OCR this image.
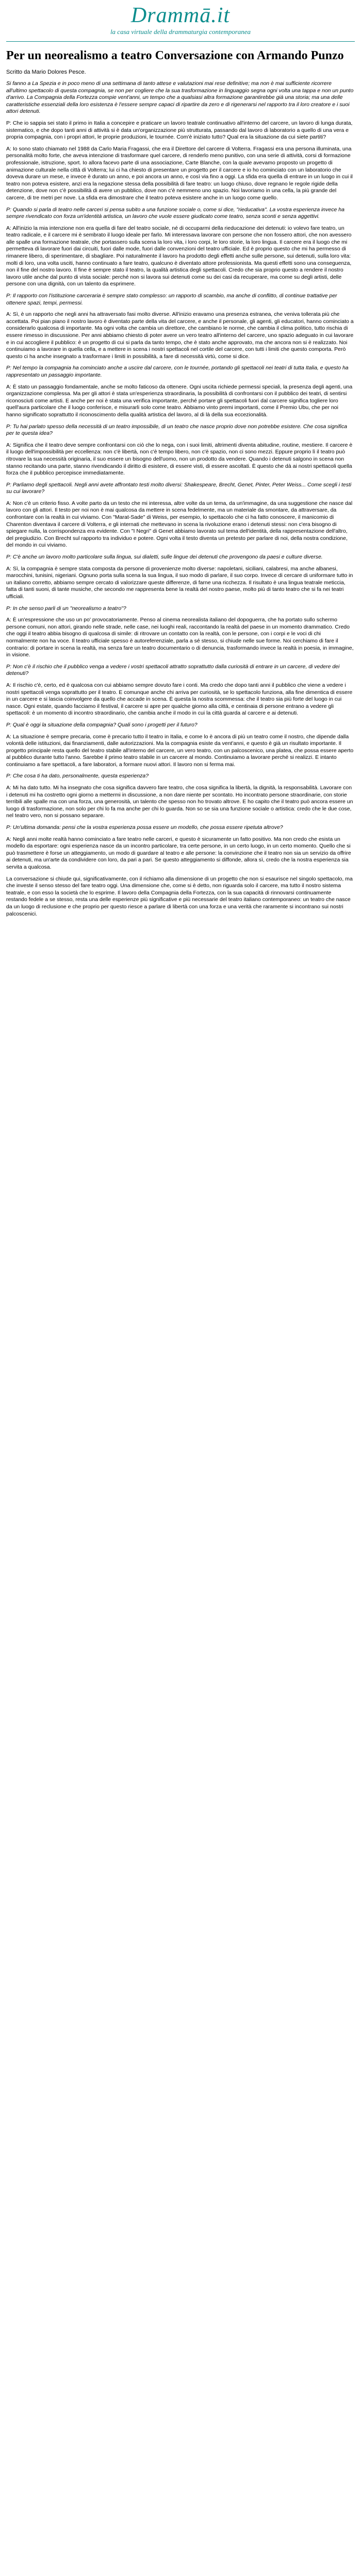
Drammā.it
la casa virtuale della drammaturgia contemporanea
Per un neorealismo a teatro Conversazione con Armando Punzo
Scritto da Mario Dolores Pesce.

Si fanno a La Spezia e in poco meno di una settimana di tanto attese e valutazioni mai rese definitive; ma non è mai sufficiente ricorrere all'ultimo spettacolo di questa compagnia, se non per cogliere che la sua trasformazione in linguaggio segna ogni volta una tappa e non un punto d'arrivo. La Compagnia della Fortezza compie vent'anni, un tempo che a qualsiasi altra formazione garantirebbe già una storia; ma una delle caratteristiche essenziali della loro esistenza è l'essere sempre capaci di ripartire da zero e di rigenerarsi nel rapporto tra il loro creatore e i suoi attori detenuti.

P: Che io sappia sei stato il primo in Italia a concepire e praticare un lavoro teatrale continuativo all'interno del carcere, un lavoro di lunga durata, sistematico, e che dopo tanti anni di attività si è data un'organizzazione più strutturata, passando dal lavoro di laboratorio a quello di una vera e propria compagnia, con i propri attori, le proprie produzioni, le tournée. Com'è iniziato tutto? Qual era la situazione da cui siete partiti?

A: Io sono stato chiamato nel 1988 da Carlo Maria Fragassi, che era il Direttore del carcere di Volterra. Fragassi era una persona illuminata, una personalità molto forte, che aveva intenzione di trasformare quel carcere, di renderlo meno punitivo, con una serie di attività, corsi di formazione professionale, istruzione, sport. Io allora facevo parte di una associazione, Carte Blanche, con la quale avevamo proposto un progetto di animazione culturale nella città di Volterra; lui ci ha chiesto di presentare un progetto per il carcere e io ho cominciato con un laboratorio che doveva durare un mese, e invece è durato un anno, e poi ancora un anno, e così via fino a oggi. La sfida era quella di entrare in un luogo in cui il teatro non poteva esistere, anzi era la negazione stessa della possibilità di fare teatro: un luogo chiuso, dove regnano le regole rigide della detenzione, dove non c'è possibilità di avere un pubblico, dove non c'è nemmeno uno spazio. Noi lavoriamo in una cella, la più grande del carcere, di tre metri per nove. La sfida era dimostrare che il teatro poteva esistere anche in un luogo come quello.

P: Quando si parla di teatro nelle carceri si pensa subito a una funzione sociale o, come si dice, "rieducativa". La vostra esperienza invece ha sempre rivendicato con forza un'identità artistica, un lavoro che vuole essere giudicato come teatro, senza sconti e senza aggettivi.

A: All'inizio la mia intenzione non era quella di fare del teatro sociale, né di occuparmi della rieducazione dei detenuti: io volevo fare teatro, un teatro radicale, e il carcere mi è sembrato il luogo ideale per farlo. Mi interessava lavorare con persone che non fossero attori, che non avessero alle spalle una formazione teatrale, che portassero sulla scena la loro vita, i loro corpi, le loro storie, la loro lingua. Il carcere era il luogo che mi permetteva di lavorare fuori dai circuiti, fuori dalle mode, fuori dalle convenzioni del teatro ufficiale. Ed è proprio questo che mi ha permesso di rimanere libero, di sperimentare, di sbagliare. Poi naturalmente il lavoro ha prodotto degli effetti anche sulle persone, sui detenuti, sulla loro vita: molti di loro, una volta usciti, hanno continuato a fare teatro, qualcuno è diventato attore professionista. Ma questi effetti sono una conseguenza, non il fine del nostro lavoro. Il fine è sempre stato il teatro, la qualità artistica degli spettacoli. Credo che sia proprio questo a rendere il nostro lavoro utile anche dal punto di vista sociale: perché non si lavora sui detenuti come su dei casi da recuperare, ma come su degli artisti, delle persone con una dignità, con un talento da esprimere.

P: Il rapporto con l'istituzione carceraria è sempre stato complesso: un rapporto di scambio, ma anche di conflitto, di continue trattative per ottenere spazi, tempi, permessi.

A: Sì, è un rapporto che negli anni ha attraversato fasi molto diverse. All'inizio eravamo una presenza estranea, che veniva tollerata più che accettata. Poi pian piano il nostro lavoro è diventato parte della vita del carcere, e anche il personale, gli agenti, gli educatori, hanno cominciato a considerarlo qualcosa di importante. Ma ogni volta che cambia un direttore, che cambiano le norme, che cambia il clima politico, tutto rischia di essere rimesso in discussione. Per anni abbiamo chiesto di poter avere un vero teatro all'interno del carcere, uno spazio adeguato in cui lavorare e in cui accogliere il pubblico: è un progetto di cui si parla da tanto tempo, che è stato anche approvato, ma che ancora non si è realizzato. Noi continuiamo a lavorare in quella cella, e a mettere in scena i nostri spettacoli nel cortile del carcere, con tutti i limiti che questo comporta. Però questo ci ha anche insegnato a trasformare i limiti in possibilità, a fare di necessità virtù, come si dice.

P: Nel tempo la compagnia ha cominciato anche a uscire dal carcere, con le tournée, portando gli spettacoli nei teatri di tutta Italia, e questo ha rappresentato un passaggio importante.

A: È stato un passaggio fondamentale, anche se molto faticoso da ottenere. Ogni uscita richiede permessi speciali, la presenza degli agenti, una organizzazione complessa. Ma per gli attori è stata un'esperienza straordinaria, la possibilità di confrontarsi con il pubblico dei teatri, di sentirsi riconosciuti come artisti. E anche per noi è stata una verifica importante, perché portare gli spettacoli fuori dal carcere significa togliere loro quell'aura particolare che il luogo conferisce, e misurarli solo come teatro. Abbiamo vinto premi importanti, come il Premio Ubu, che per noi hanno significato soprattutto il riconoscimento della qualità artistica del lavoro, al di là della sua eccezionalità.

P: Tu hai parlato spesso della necessità di un teatro impossibile, di un teatro che nasce proprio dove non potrebbe esistere. Che cosa significa per te questa idea?

A: Significa che il teatro deve sempre confrontarsi con ciò che lo nega, con i suoi limiti, altrimenti diventa abitudine, routine, mestiere. Il carcere è il luogo dell'impossibilità per eccellenza: non c'è libertà, non c'è tempo libero, non c'è spazio, non ci sono mezzi. Eppure proprio lì il teatro può ritrovare la sua necessità originaria, il suo essere un bisogno dell'uomo, non un prodotto da vendere. Quando i detenuti salgono in scena non stanno recitando una parte, stanno rivendicando il diritto di esistere, di essere visti, di essere ascoltati. È questo che dà ai nostri spettacoli quella forza che il pubblico percepisce immediatamente.

P: Parliamo degli spettacoli. Negli anni avete affrontato testi molto diversi: Shakespeare, Brecht, Genet, Pinter, Peter Weiss... Come scegli i testi su cui lavorare?

A: Non c'è un criterio fisso. A volte parto da un testo che mi interessa, altre volte da un tema, da un'immagine, da una suggestione che nasce dal lavoro con gli attori. Il testo per noi non è mai qualcosa da mettere in scena fedelmente, ma un materiale da smontare, da attraversare, da confrontare con la realtà in cui viviamo. Con "Marat-Sade" di Weiss, per esempio, lo spettacolo che ci ha fatto conoscere, il manicomio di Charenton diventava il carcere di Volterra, e gli internati che mettevano in scena la rivoluzione erano i detenuti stessi: non c'era bisogno di spiegare nulla, la corrispondenza era evidente. Con "I Negri" di Genet abbiamo lavorato sul tema dell'identità, della rappresentazione dell'altro, del pregiudizio. Con Brecht sul rapporto tra individuo e potere. Ogni volta il testo diventa un pretesto per parlare di noi, della nostra condizione, del mondo in cui viviamo.

P: C'è anche un lavoro molto particolare sulla lingua, sui dialetti, sulle lingue dei detenuti che provengono da paesi e culture diverse.

A: Sì, la compagnia è sempre stata composta da persone di provenienze molto diverse: napoletani, siciliani, calabresi, ma anche albanesi, marocchini, tunisini, nigeriani. Ognuno porta sulla scena la sua lingua, il suo modo di parlare, il suo corpo. Invece di cercare di uniformare tutto in un italiano corretto, abbiamo sempre cercato di valorizzare queste differenze, di farne una ricchezza. Il risultato è una lingua teatrale meticcia, fatta di tanti suoni, di tante musiche, che secondo me rappresenta bene la realtà del nostro paese, molto più di tanto teatro che si fa nei teatri ufficiali.

P: In che senso parli di un "neorealismo a teatro"?

A: È un'espressione che uso un po' provocatoriamente. Penso al cinema neorealista italiano del dopoguerra, che ha portato sullo schermo persone comuni, non attori, girando nelle strade, nelle case, nei luoghi reali, raccontando la realtà del paese in un momento drammatico. Credo che oggi il teatro abbia bisogno di qualcosa di simile: di ritrovare un contatto con la realtà, con le persone, con i corpi e le voci di chi normalmente non ha voce. Il teatro ufficiale spesso è autoreferenziale, parla a sé stesso, si chiude nelle sue forme. Noi cerchiamo di fare il contrario: di portare in scena la realtà, ma senza fare un teatro documentario o di denuncia, trasformando invece la realtà in poesia, in immagine, in visione.

P: Non c'è il rischio che il pubblico venga a vedere i vostri spettacoli attratto soprattutto dalla curiosità di entrare in un carcere, di vedere dei detenuti?

A: Il rischio c'è, certo, ed è qualcosa con cui abbiamo sempre dovuto fare i conti. Ma credo che dopo tanti anni il pubblico che viene a vedere i nostri spettacoli venga soprattutto per il teatro. E comunque anche chi arriva per curiosità, se lo spettacolo funziona, alla fine dimentica di essere in un carcere e si lascia coinvolgere da quello che accade in scena. È questa la nostra scommessa: che il teatro sia più forte del luogo in cui nasce. Ogni estate, quando facciamo il festival, il carcere si apre per qualche giorno alla città, e centinaia di persone entrano a vedere gli spettacoli: è un momento di incontro straordinario, che cambia anche il modo in cui la città guarda al carcere e ai detenuti.

P: Qual è oggi la situazione della compagnia? Quali sono i progetti per il futuro?

A: La situazione è sempre precaria, come è precario tutto il teatro in Italia, e come lo è ancora di più un teatro come il nostro, che dipende dalla volontà delle istituzioni, dai finanziamenti, dalle autorizzazioni. Ma la compagnia esiste da vent'anni, e questo è già un risultato importante. Il progetto principale resta quello del teatro stabile all'interno del carcere, un vero teatro, con un palcoscenico, una platea, che possa essere aperto al pubblico durante tutto l'anno. Sarebbe il primo teatro stabile in un carcere al mondo. Continuiamo a lavorare perché si realizzi. E intanto continuiamo a fare spettacoli, a fare laboratori, a formare nuovi attori. Il lavoro non si ferma mai.

P: Che cosa ti ha dato, personalmente, questa esperienza?

A: Mi ha dato tutto. Mi ha insegnato che cosa significa davvero fare teatro, che cosa significa la libertà, la dignità, la responsabilità. Lavorare con i detenuti mi ha costretto ogni giorno a mettermi in discussione, a non dare niente per scontato. Ho incontrato persone straordinarie, con storie terribili alle spalle ma con una forza, una generosità, un talento che spesso non ho trovato altrove. E ho capito che il teatro può ancora essere un luogo di trasformazione, non solo per chi lo fa ma anche per chi lo guarda. Non so se sia una funzione sociale o artistica: credo che le due cose, nel teatro vero, non si possano separare.

P: Un'ultima domanda: pensi che la vostra esperienza possa essere un modello, che possa essere ripetuta altrove?

A: Negli anni molte realtà hanno cominciato a fare teatro nelle carceri, e questo è sicuramente un fatto positivo. Ma non credo che esista un modello da esportare: ogni esperienza nasce da un incontro particolare, tra certe persone, in un certo luogo, in un certo momento. Quello che si può trasmettere è forse un atteggiamento, un modo di guardare al teatro e alle persone: la convinzione che il teatro non sia un servizio da offrire ai detenuti, ma un'arte da condividere con loro, da pari a pari. Se questo atteggiamento si diffonde, allora sì, credo che la nostra esperienza sia servita a qualcosa.

La conversazione si chiude qui, significativamente, con il richiamo alla dimensione di un progetto che non si esaurisce nel singolo spettacolo, ma che investe il senso stesso del fare teatro oggi. Una dimensione che, come si è detto, non riguarda solo il carcere, ma tutto il nostro sistema teatrale, e con esso la società che lo esprime. Il lavoro della Compagnia della Fortezza, con la sua capacità di rinnovarsi continuamente restando fedele a se stesso, resta una delle esperienze più significative e più necessarie del teatro italiano contemporaneo: un teatro che nasce da un luogo di reclusione e che proprio per questo riesce a parlare di libertà con una forza e una verità che raramente si incontrano sui nostri palcoscenici.
